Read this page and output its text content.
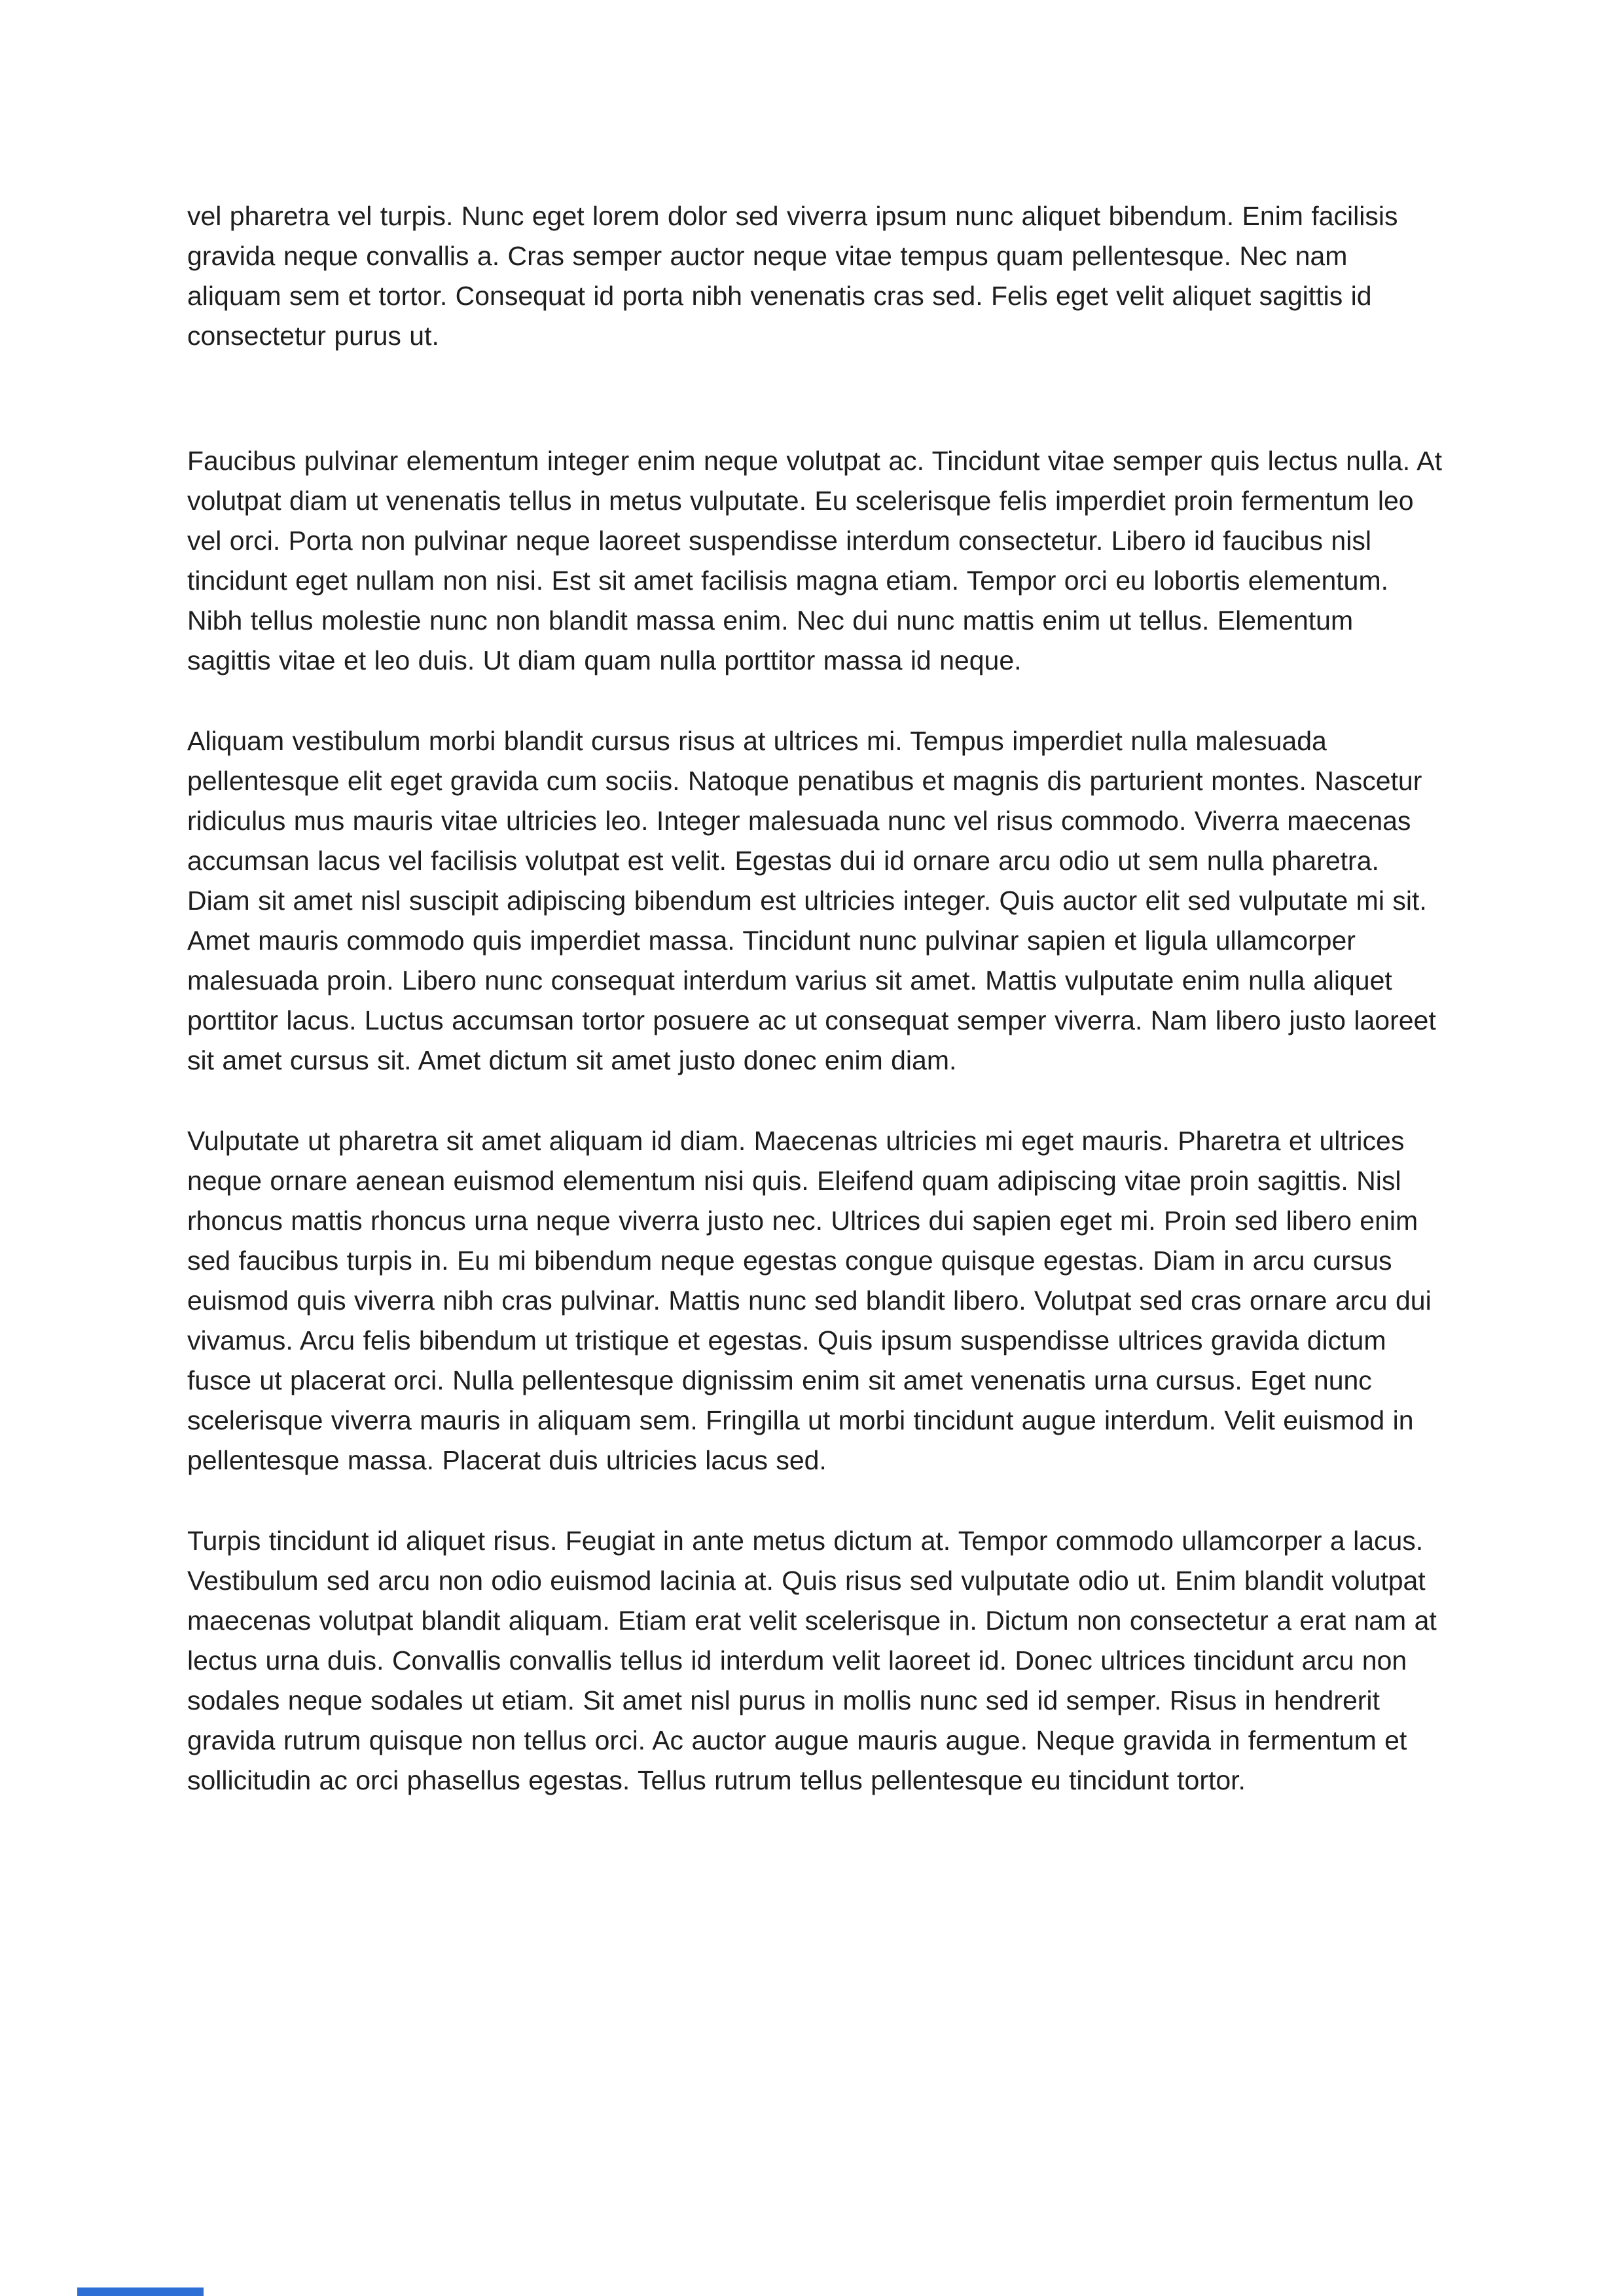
vel pharetra vel turpis. Nunc eget lorem dolor sed viverra ipsum nunc aliquet bibendum. Enim facilisis gravida neque convallis a. Cras semper auctor neque vitae tempus quam pellentesque. Nec nam aliquam sem et tortor. Consequat id porta nibh venenatis cras sed. Felis eget velit aliquet sagittis id consectetur purus ut.

Faucibus pulvinar elementum integer enim neque volutpat ac. Tincidunt vitae semper quis lectus nulla. At volutpat diam ut venenatis tellus in metus vulputate. Eu scelerisque felis imperdiet proin fermentum leo vel orci. Porta non pulvinar neque laoreet suspendisse interdum consectetur. Libero id faucibus nisl tincidunt eget nullam non nisi. Est sit amet facilisis magna etiam. Tempor orci eu lobortis elementum. Nibh tellus molestie nunc non blandit massa enim. Nec dui nunc mattis enim ut tellus. Elementum sagittis vitae et leo duis. Ut diam quam nulla porttitor massa id neque.

Aliquam vestibulum morbi blandit cursus risus at ultrices mi. Tempus imperdiet nulla malesuada pellentesque elit eget gravida cum sociis. Natoque penatibus et magnis dis parturient montes. Nascetur ridiculus mus mauris vitae ultricies leo. Integer malesuada nunc vel risus commodo. Viverra maecenas accumsan lacus vel facilisis volutpat est velit. Egestas dui id ornare arcu odio ut sem nulla pharetra. Diam sit amet nisl suscipit adipiscing bibendum est ultricies integer. Quis auctor elit sed vulputate mi sit. Amet mauris commodo quis imperdiet massa. Tincidunt nunc pulvinar sapien et ligula ullamcorper malesuada proin. Libero nunc consequat interdum varius sit amet. Mattis vulputate enim nulla aliquet porttitor lacus. Luctus accumsan tortor posuere ac ut consequat semper viverra. Nam libero justo laoreet sit amet cursus sit. Amet dictum sit amet justo donec enim diam.

Vulputate ut pharetra sit amet aliquam id diam. Maecenas ultricies mi eget mauris. Pharetra et ultrices neque ornare aenean euismod elementum nisi quis. Eleifend quam adipiscing vitae proin sagittis. Nisl rhoncus mattis rhoncus urna neque viverra justo nec. Ultrices dui sapien eget mi. Proin sed libero enim sed faucibus turpis in. Eu mi bibendum neque egestas congue quisque egestas. Diam in arcu cursus euismod quis viverra nibh cras pulvinar. Mattis nunc sed blandit libero. Volutpat sed cras ornare arcu dui vivamus. Arcu felis bibendum ut tristique et egestas. Quis ipsum suspendisse ultrices gravida dictum fusce ut placerat orci. Nulla pellentesque dignissim enim sit amet venenatis urna cursus. Eget nunc scelerisque viverra mauris in aliquam sem. Fringilla ut morbi tincidunt augue interdum. Velit euismod in pellentesque massa. Placerat duis ultricies lacus sed.

Turpis tincidunt id aliquet risus. Feugiat in ante metus dictum at. Tempor commodo ullamcorper a lacus. Vestibulum sed arcu non odio euismod lacinia at. Quis risus sed vulputate odio ut. Enim blandit volutpat maecenas volutpat blandit aliquam. Etiam erat velit scelerisque in. Dictum non consectetur a erat nam at lectus urna duis. Convallis convallis tellus id interdum velit laoreet id. Donec ultrices tincidunt arcu non sodales neque sodales ut etiam. Sit amet nisl purus in mollis nunc sed id semper. Risus in hendrerit gravida rutrum quisque non tellus orci. Ac auctor augue mauris augue. Neque gravida in fermentum et sollicitudin ac orci phasellus egestas. Tellus rutrum tellus pellentesque eu tincidunt tortor.
